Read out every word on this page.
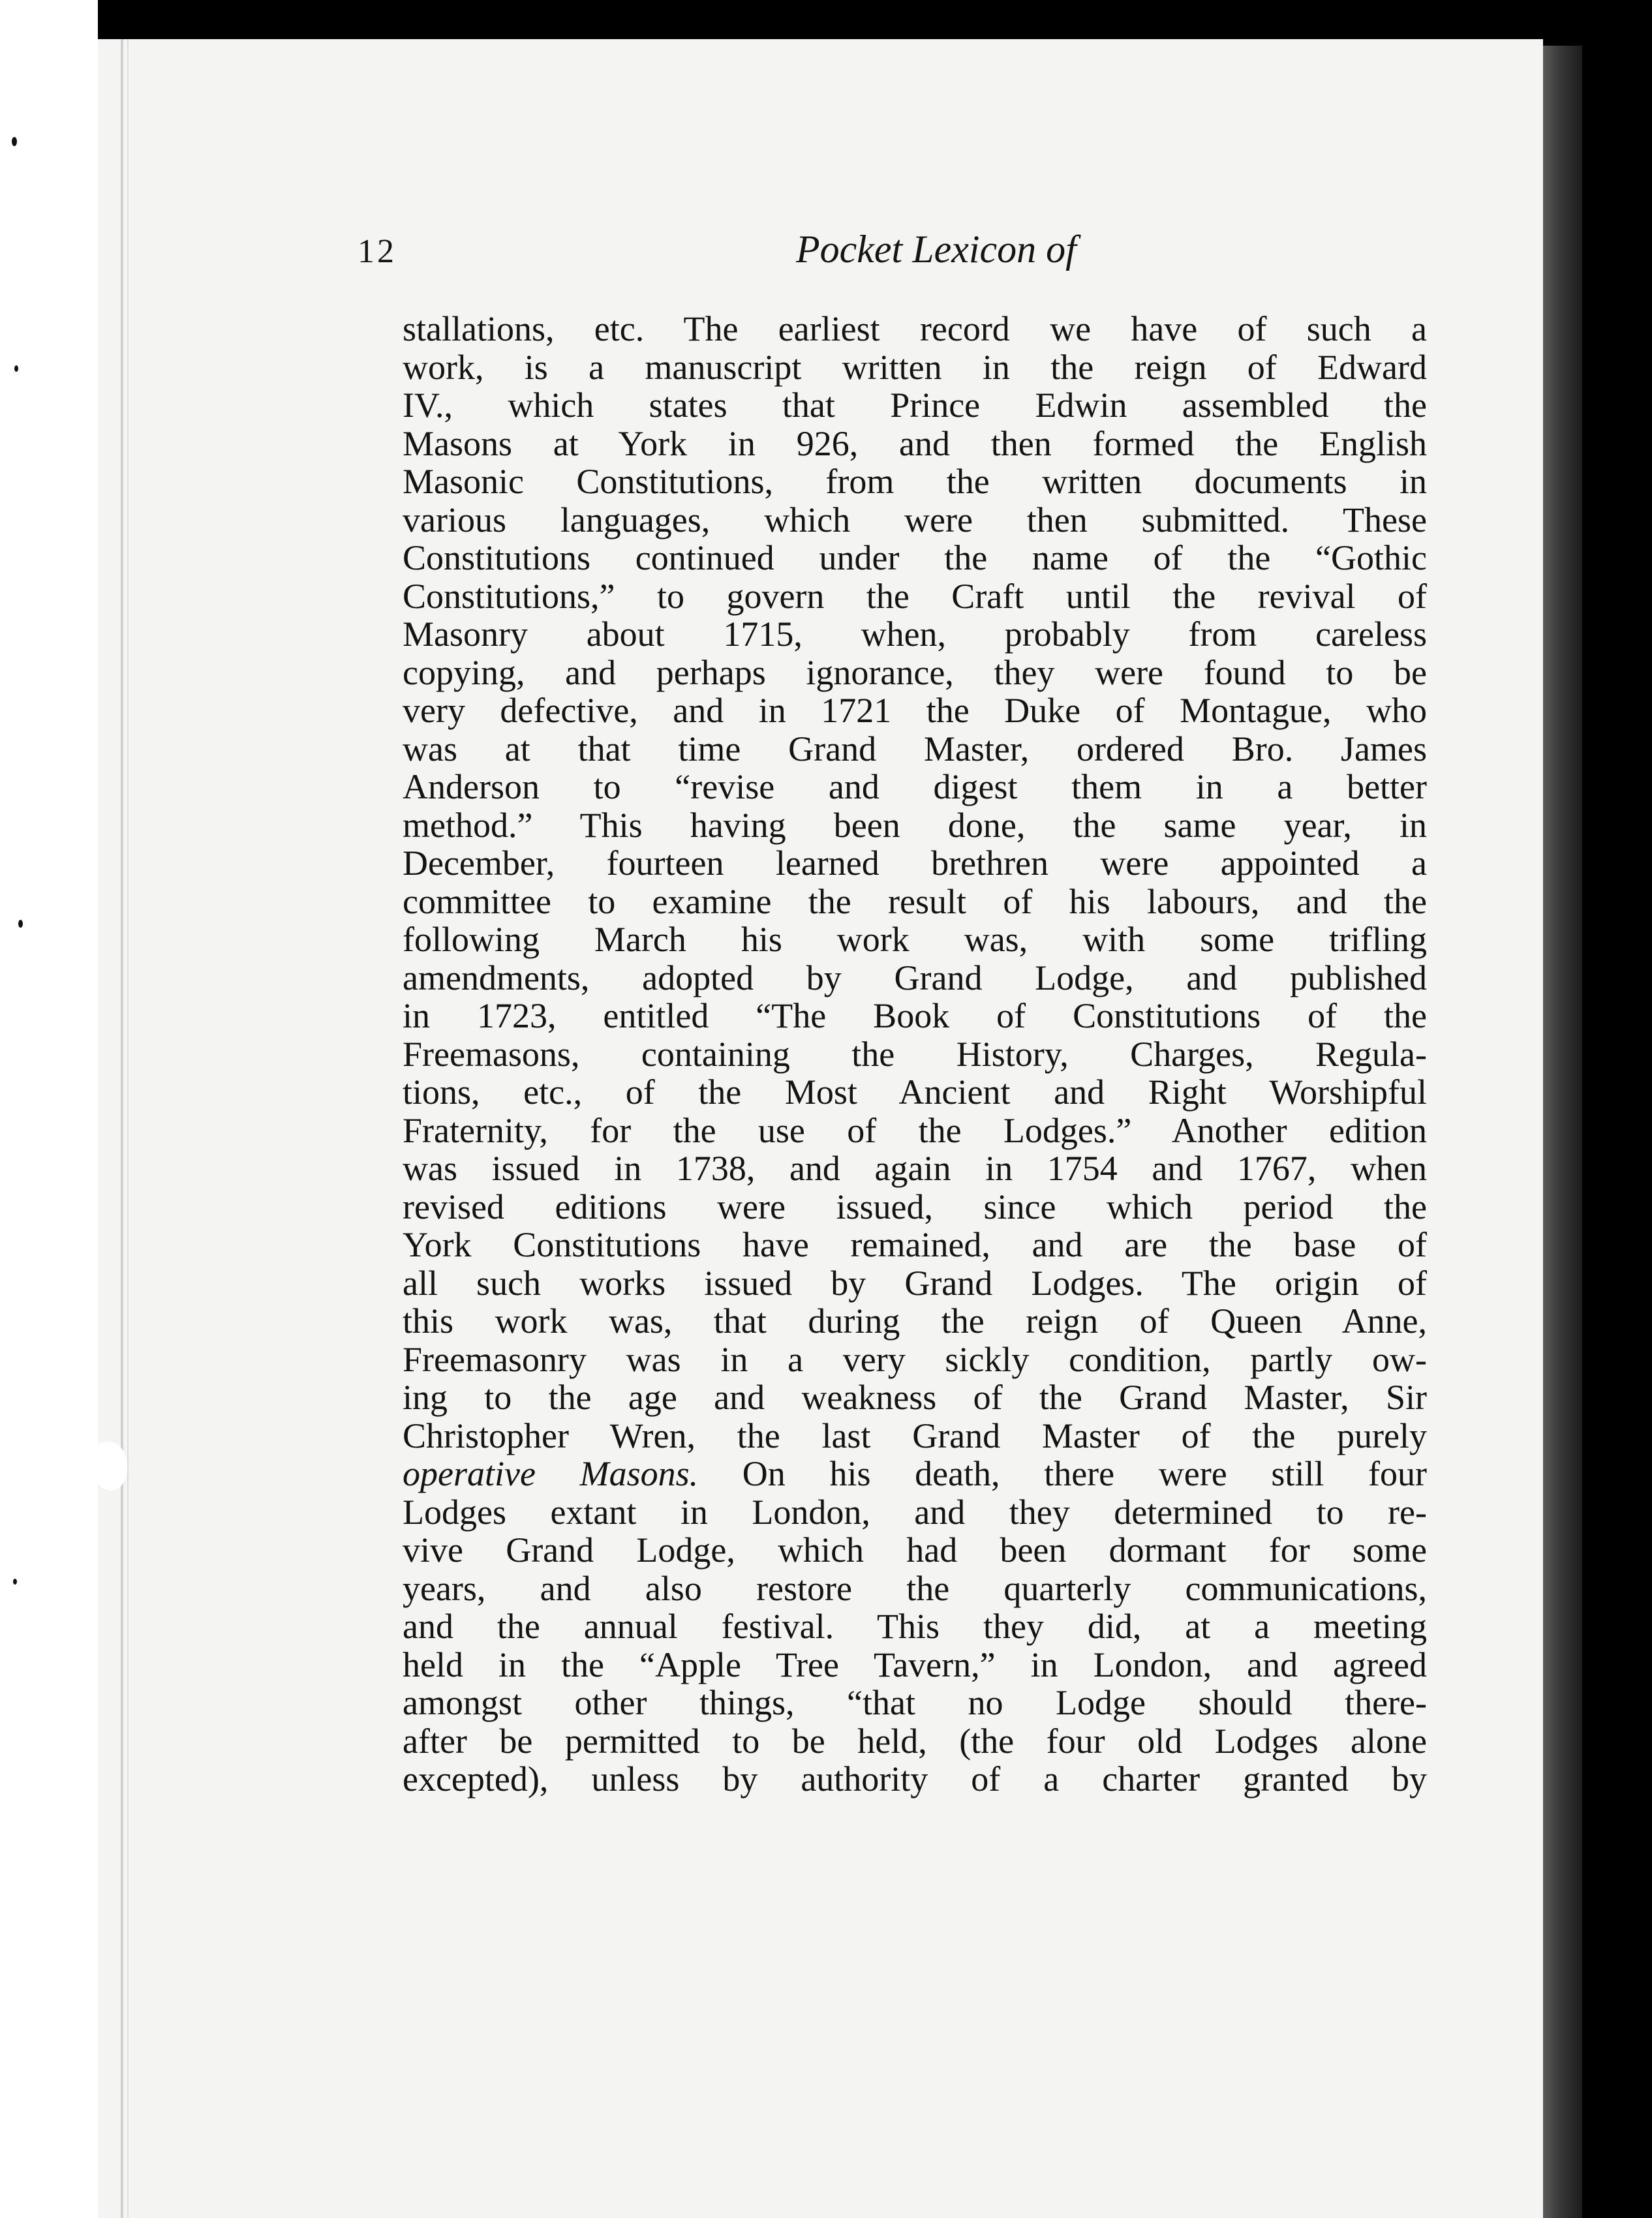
12	Pocket Lexicon of
stallations, etc. The earliest record we have of such a
work, is a manuscript written in the reign of Edward
IV., which states that Prince Edwin assembled the
Masons at York in 926, and then formed the English
Masonic Constitutions, from the written documents in
various languages, which were then submitted. These
Constitutions continued under the name of the “Gothic
Constitutions,” to govern the Craft until the revival of
Masonry about 1715, when, probably from careless
copying, and perhaps ignorance, they were found to be
very defective, and in 1721 the Duke of Montague, who
was at that time Grand Master, ordered Bro. James
Anderson to “revise and digest them in a better
method.” This having been done, the same year, in
December, fourteen learned brethren were appointed a
committee to examine the result of his labours, and the
following March his work was, with some trifling
amendments, adopted by Grand Lodge, and published
in 1723, entitled “The Book of Constitutions of the
Freemasons, containing the History, Charges, Regula-
tions, etc., of the Most Ancient and Right Worshipful
Fraternity, for the use of the Lodges.” Another edition
was issued in 1738, and again in 1754 and 1767, when
revised editions were issued, since which period the
York Constitutions have remained, and are the base of
all such works issued by Grand Lodges. The origin of
this work was, that during the reign of Queen Anne,
Freemasonry was in a very sickly condition, partly ow-
ing to the age and weakness of the Grand Master, Sir
Christopher Wren, the last Grand Master of the purely
operative Masons. On his death, there were still four
Lodges extant in London, and they determined to re-
vive Grand Lodge, which had been dormant for some
years, and also restore the quarterly communications,
and the annual festival. This they did, at a meeting
held in the “Apple Tree Tavern,” in London, and agreed
amongst other things, “that no Lodge should there-
after be permitted to be held, (the four old Lodges alone
excepted), unless by authority of a charter granted by
